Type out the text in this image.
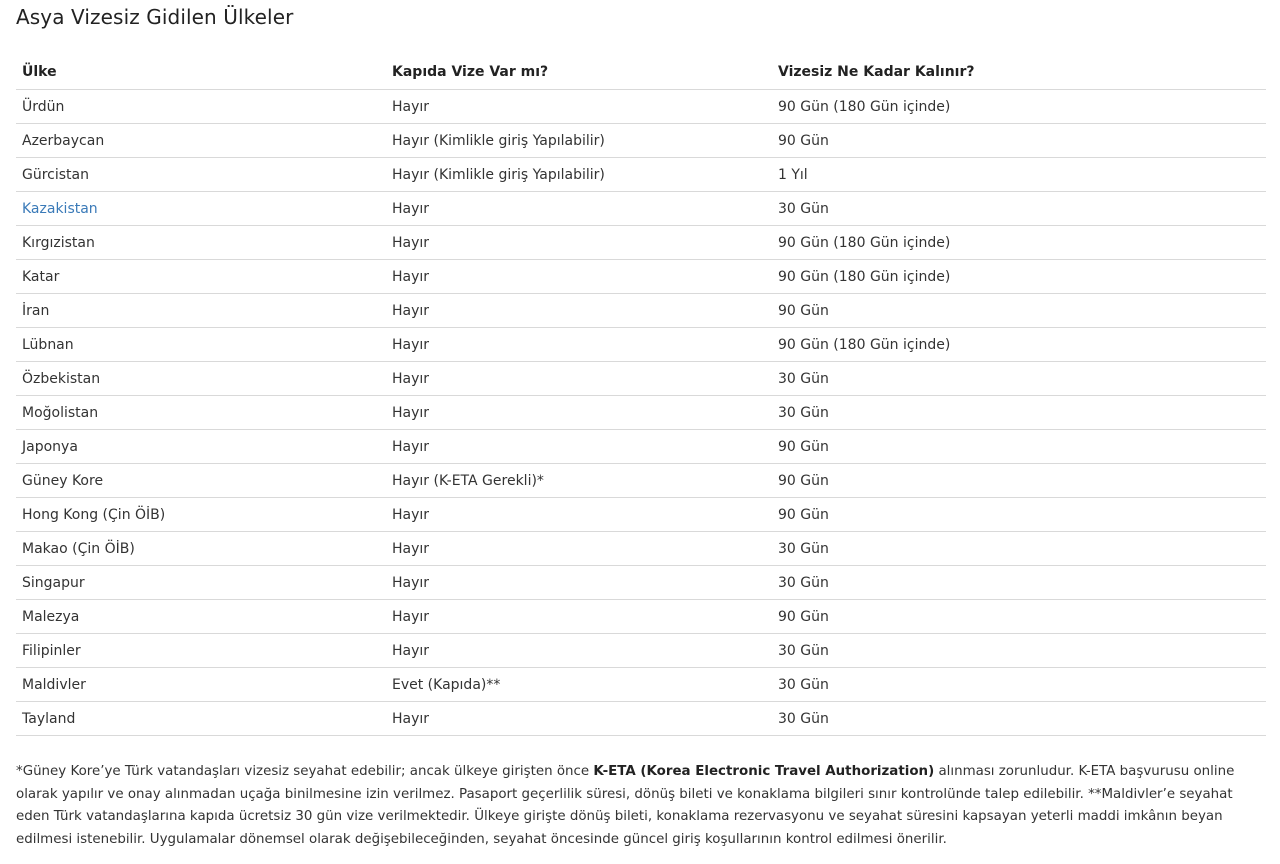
Asya Vizesiz Gidilen Ülkeler
Ülke	Kapıda Vize Var mı?	Vizesiz Ne Kadar Kalınır?
Ürdün	Hayır	90 Gün (180 Gün içinde)
Azerbaycan	Hayır (Kimlikle giriş Yapılabilir)	90 Gün
Gürcistan	Hayır (Kimlikle giriş Yapılabilir)	1 Yıl
Kazakistan	Hayır	30 Gün
Kırgızistan	Hayır	90 Gün (180 Gün içinde)
Katar	Hayır	90 Gün (180 Gün içinde)
İran	Hayır	90 Gün
Lübnan	Hayır	90 Gün (180 Gün içinde)
Özbekistan	Hayır	30 Gün
Moğolistan	Hayır	30 Gün
Japonya	Hayır	90 Gün
Güney Kore	Hayır (K-ETA Gerekli)*	90 Gün
Hong Kong (Çin ÖİB)	Hayır	90 Gün
Makao (Çin ÖİB)	Hayır	30 Gün
Singapur	Hayır	30 Gün
Malezya	Hayır	90 Gün
Filipinler	Hayır	30 Gün
Maldivler	Evet (Kapıda)**	30 Gün
Tayland	Hayır	30 Gün

*Güney Kore’ye Türk vatandaşları vizesiz seyahat edebilir; ancak ülkeye girişten önce K-ETA (Korea Electronic Travel Authorization) alınması zorunludur. K-ETA başvurusu online olarak yapılır ve onay alınmadan uçağa binilmesine izin verilmez. Pasaport geçerlilik süresi, dönüş bileti ve konaklama bilgileri sınır kontrolünde talep edilebilir. **Maldivler’e seyahat eden Türk vatandaşlarına kapıda ücretsiz 30 gün vize verilmektedir. Ülkeye girişte dönüş bileti, konaklama rezervasyonu ve seyahat süresini kapsayan yeterli maddi imkânın beyan edilmesi istenebilir. Uygulamalar dönemsel olarak değişebileceğinden, seyahat öncesinde güncel giriş koşullarının kontrol edilmesi önerilir.
